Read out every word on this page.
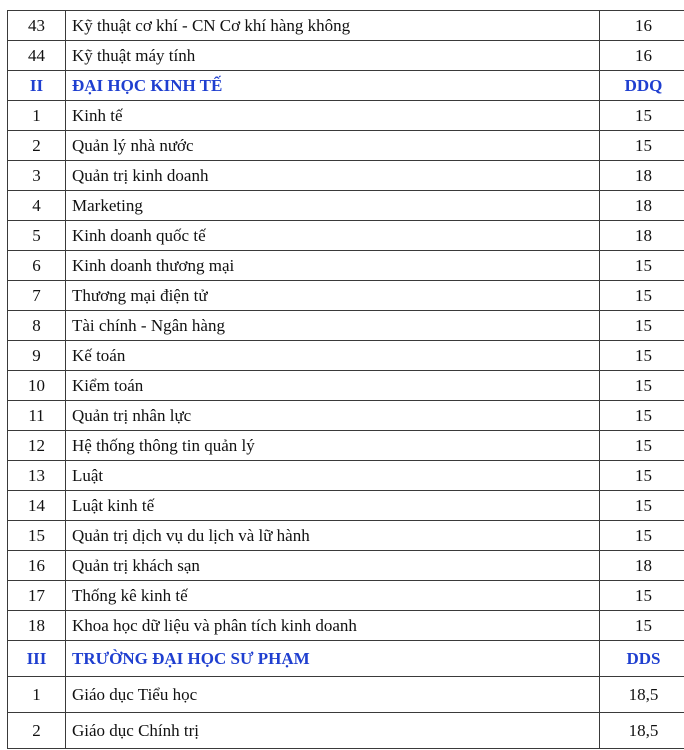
43	Kỹ thuật cơ khí - CN Cơ khí hàng không	16
44	Kỹ thuật máy tính	16
II	ĐẠI HỌC KINH TẾ	DDQ
1	Kinh tế	15
2	Quản lý nhà nước	15
3	Quản trị kinh doanh	18
4	Marketing	18
5	Kinh doanh quốc tế	18
6	Kinh doanh thương mại	15
7	Thương mại điện tử	15
8	Tài chính - Ngân hàng	15
9	Kế toán	15
10	Kiểm toán	15
11	Quản trị nhân lực	15
12	Hệ thống thông tin quản lý	15
13	Luật	15
14	Luật kinh tế	15
15	Quản trị dịch vụ du lịch và lữ hành	15
16	Quản trị khách sạn	18
17	Thống kê kinh tế	15
18	Khoa học dữ liệu và phân tích kinh doanh	15
III	TRƯỜNG ĐẠI HỌC SƯ PHẠM	DDS
1	Giáo dục Tiểu học	18,5
2	Giáo dục Chính trị	18,5
